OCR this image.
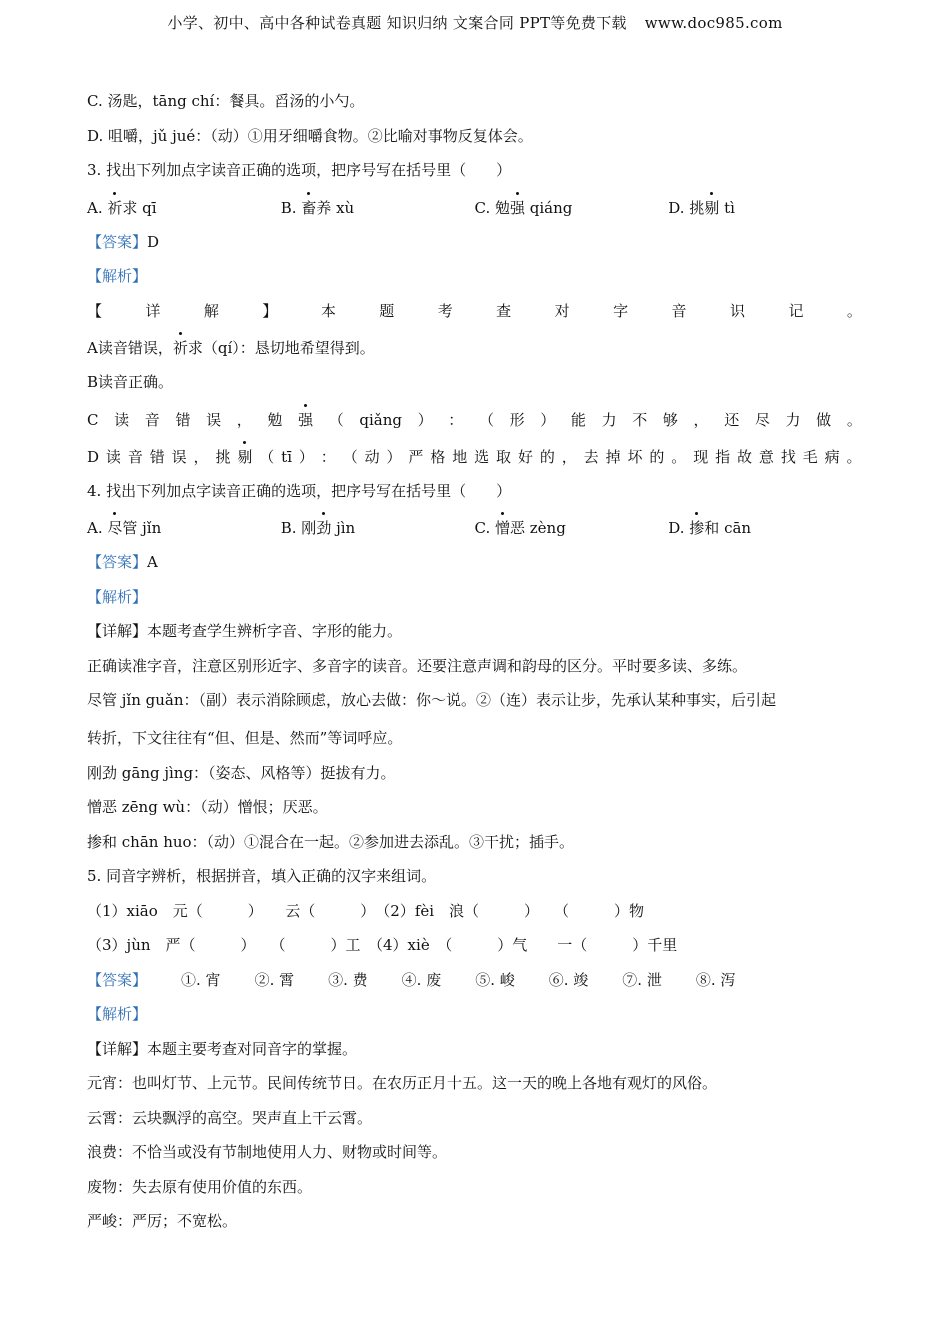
小学、初中、高中各种试卷真题 知识归纳 文案合同 PPT等免费下载 www.doc985.com
C. 汤匙，tāng chí：餐具。舀汤的小勺。
D. 咀嚼，jǔ jué：（动）①用牙细嚼食物。②比喻对事物反复体会。
3. 找出下列加点字读音正确的选项，把序号写在括号里（　　）
A. 祈求 qī	B. 畜养 xù	C. 勉强 qiáng	D. 挑剔 tì
【答案】D
【解析】
【	详	解	】	本	题	考	查	对	字	音	识	记	。
A读音错误，祈求（qí）：恳切地希望得到。
B读音正确。
C 读 音 错 误 ， 勉 强 （ qiǎng ） ： （ 形 ） 能 力 不 够 ， 还 尽 力 做 。
D 读 音 错 误 ， 挑 剔 （ tī ） ： （ 动 ） 严 格 地 选 取 好 的 ， 去 掉 坏 的 。 现 指 故 意 找 毛 病 。
4. 找出下列加点字读音正确的选项，把序号写在括号里（　　）
A. 尽管 jǐn	B. 刚劲 jìn	C. 憎恶 zèng	D. 掺和 cān
【答案】A
【解析】
【详解】本题考查学生辨析字音、字形的能力。
正确读准字音，注意区别形近字、多音字的读音。还要注意声调和韵母的区分。平时要多读、多练。
尽管 jǐn guǎn：（副）表示消除顾虑，放心去做：你～说。②（连）表示让步，先承认某种事实，后引起
转折，下文往往有“但、但是、然而”等词呼应。
刚劲 gāng jìng：（姿态、风格等）挺拔有力。
憎恶 zēng wù：（动）憎恨；厌恶。
掺和 chān huo：（动）①混合在一起。②参加进去添乱。③干扰；插手。
5. 同音字辨析，根据拼音，填入正确的汉字来组词。
（1）xiāo　元（　　　）　　云（　　　）　（2）fèi　浪（　　　）　　（　　　）物
（3）jùn　严（　　　）　　（　　　）工　（4）xiè　（　　　）气　　一（　　　）千里
【答案】 ①. 宵 ②. 霄 ③. 费 ④. 废 ⑤. 峻 ⑥. 竣 ⑦. 泄 ⑧. 泻
【解析】
【详解】本题主要考查对同音字的掌握。
元宵：也叫灯节、上元节。民间传统节日。在农历正月十五。这一天的晚上各地有观灯的风俗。
云霄：云块飘浮的高空。哭声直上干云霄。
浪费：不恰当或没有节制地使用人力、财物或时间等。
废物：失去原有使用价值的东西。
严峻：严厉；不宽松。
